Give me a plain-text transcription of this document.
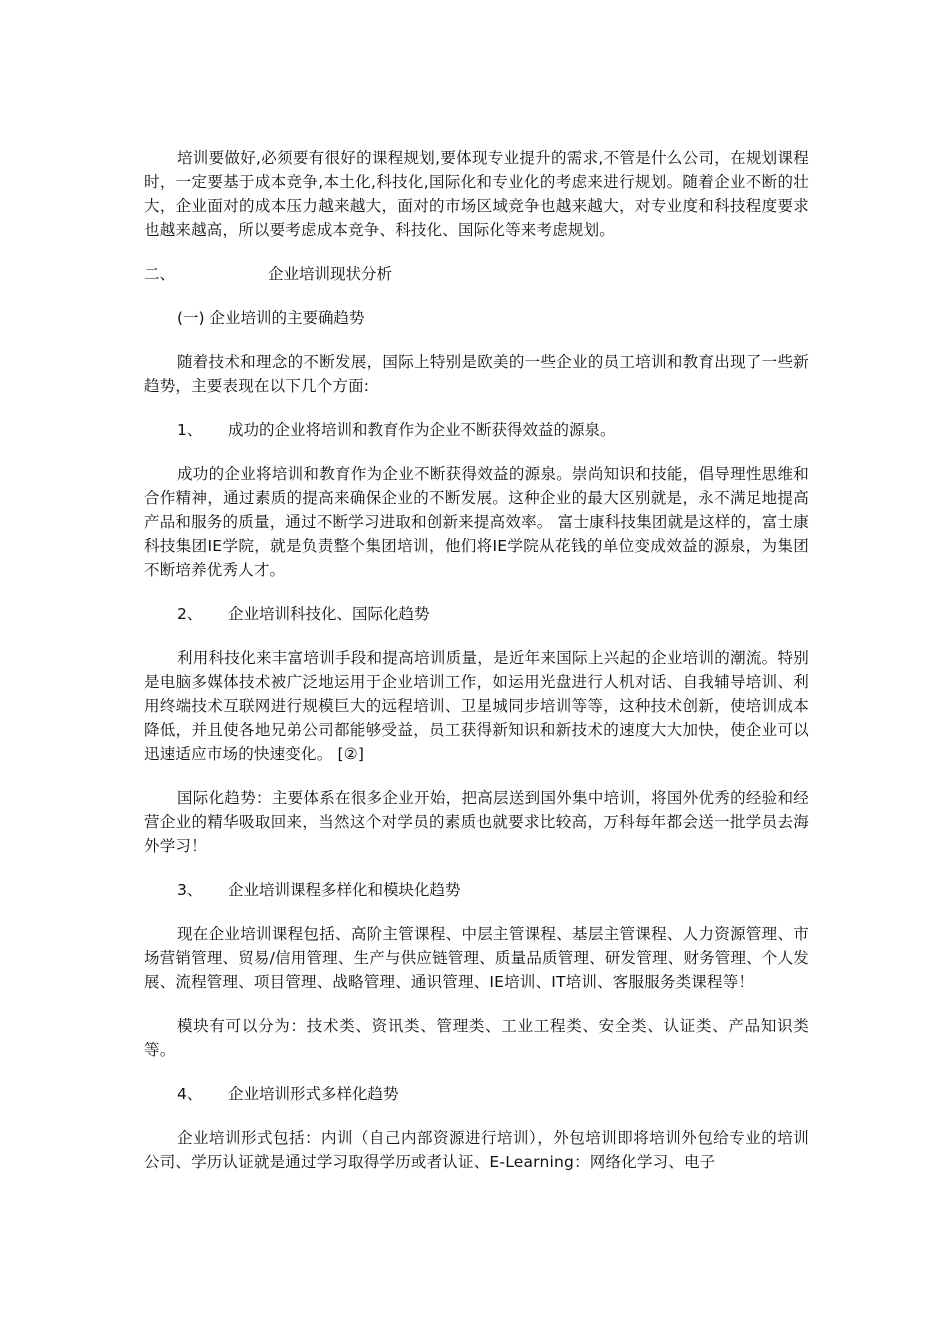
培训要做好,必须要有很好的课程规划,要体现专业提升的需求,不管是什么公司，在规划课程时，一定要基于成本竞争,本土化,科技化,国际化和专业化的考虑来进行规划。随着企业不断的壮大，企业面对的成本压力越来越大，面对的市场区域竞争也越来越大，对专业度和科技程度要求也越来越高，所以要考虑成本竞争、科技化、国际化等来考虑规划。

二、	企业培训现状分析
(一) 企业培训的主要确趋势

随着技术和理念的不断发展，国际上特别是欧美的一些企业的员工培训和教育出现了一些新趋势，主要表现在以下几个方面:

1、	成功的企业将培训和教育作为企业不断获得效益的源泉。

成功的企业将培训和教育作为企业不断获得效益的源泉。崇尚知识和技能，倡导理性思维和合作精神，通过素质的提高来确保企业的不断发展。这种企业的最大区别就是，永不满足地提高产品和服务的质量，通过不断学习进取和创新来提高效率。 富士康科技集团就是这样的，富士康科技集团IE学院，就是负责整个集团培训，他们将IE学院从花钱的单位变成效益的源泉，为集团不断培养优秀人才。

2、	企业培训科技化、国际化趋势

利用科技化来丰富培训手段和提高培训质量，是近年来国际上兴起的企业培训的潮流。特别是电脑多媒体技术被广泛地运用于企业培训工作，如运用光盘进行人机对话、自我辅导培训、利用终端技术互联网进行规模巨大的远程培训、卫星城同步培训等等，这种技术创新，使培训成本降低，并且使各地兄弟公司都能够受益，员工获得新知识和新技术的速度大大加快，使企业可以迅速适应市场的快速变化。 [②]

国际化趋势：主要体系在很多企业开始，把高层送到国外集中培训，将国外优秀的经验和经营企业的精华吸取回来，当然这个对学员的素质也就要求比较高，万科每年都会送一批学员去海外学习！

3、	企业培训课程多样化和模块化趋势

现在企业培训课程包括、高阶主管课程、中层主管课程、基层主管课程、人力资源管理、市场营销管理、贸易/信用管理、生产与供应链管理、质量品质管理、研发管理、财务管理、个人发展、流程管理、项目管理、战略管理、通识管理、IE培训、IT培训、客服服务类课程等！

模块有可以分为：技术类、资讯类、管理类、工业工程类、安全类、认证类、产品知识类等。

4、	企业培训形式多样化趋势

企业培训形式包括：内训（自己内部资源进行培训），外包培训即将培训外包给专业的培训公司、学历认证就是通过学习取得学历或者认证、E-Learning：网络化学习、电子
